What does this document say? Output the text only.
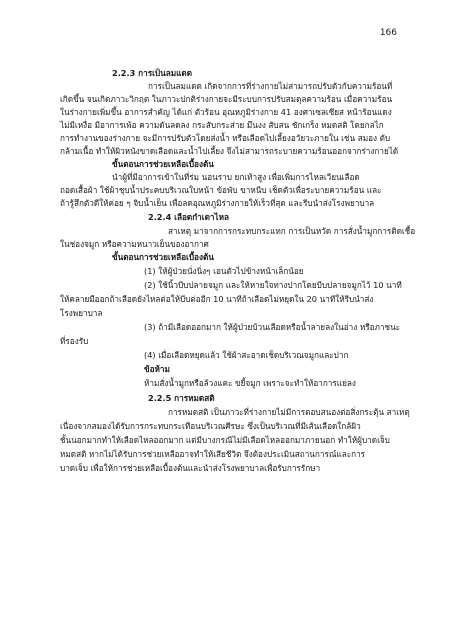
166
2.2.3 การเป็นลมแดด
การเป็นลมแดด เกิดจากการที่ร่างกายไม่สามารถปรับตัวกับความร้อนที่
เกิดขึ้น จนเกิดภาวะวิกฤต ในภาวะปกติร่างกายจะมีระบบการปรับสมดุลความร้อน เมื่อความร้อน
ในร่างกายเพิ่มขึ้น อาการสำคัญ ได้แก่ ตัวร้อน อุณหภูมิร่างกาย 41 องศาเซลเซียส หน้าร้อนแดง
ไม่มีเหงื่อ มีอาการเพ้อ ความดันลดลง กระสับกระส่าย มึนงง สับสน ชักเกร็ง หมดสติ โดยกลไก
การทำงานของร่างกาย จะมีการปรับตัวโดยส่งน้ำ หรือเลือดไปเลี้ยงอวัยวะภายใน เช่น สมอง ตับ
กล้ามเนื้อ ทำให้ผิวหนังขาดเลือดและน้ำไปเลี้ยง จึงไม่สามารถระบายความร้อนออกจากร่างกายได้
ขั้นตอนการช่วยเหลือเบื้องต้น
นำผู้ที่มีอาการเข้าในที่ร่ม นอนราบ ยกเท้าสูง เพื่อเพิ่มการไหลเวียนเลือด
ถอดเสื้อผ้า ใช้ผ้าชุบน้ำประคบบริเวณใบหน้า ข้อพับ ขาหนีบ เช็ดตัวเพื่อระบายความร้อน และ
ถ้ารู้สึกตัวดีให้ค่อย ๆ จิบน้ำเย็น เพื่อลดอุณหภูมิร่างกายให้เร็วที่สุด และรีบนำส่งโรงพยาบาล
2.2.4 เลือดกำเดาไหล
สาเหตุ มาจากการกระทบกระแทก การเป็นหวัด การสั่งน้ำมูกการติดเชื้อ
ในช่องจมูก หรือความหนาวเย็นของอากาศ
ขั้นตอนการช่วยเหลือเบื้องต้น
(1) ให้ผู้ป่วยนั่งนิ่งๆ เอนตัวไปข้างหน้าเล็กน้อย
(2) ใช้นิ้วบีบปลายจมูก และให้หายใจทางปากโดยบีบปลายจมูกไว้ 10 นาที
ให้คลายมืออกถ้าเลือดยังไหลต่อให้บีบต่ออีก 10 นาทีถ้าเลือดไม่หยุดใน 20 นาทีให้รีบนำส่ง
โรงพยาบาล
(3) ถ้ามีเลือดออกมาก ให้ผู้ป่วยบ้วนเลือดหรือน้ำลายลงในอ่าง หรือภาชนะ
ที่รองรับ
(4) เมื่อเลือดหยุดแล้ว ใช้ผ้าสะอาดเช็ดบริเวณจมูกและปาก
ข้อห้าม
ห้ามสั่งน้ำมูกหรือล้วงแคะ ขยี้จมูก เพราะจะทำให้อาการแย่ลง
2.2.5 การหมดสติ
การหมดสติ เป็นภาวะที่ร่างกายไม่มีการตอบสนองต่อสิ่งกระตุ้น สาเหตุ
เนื่องจากสมองได้รับการกระทบกระเทือนบริเวณศีรษะ ซึ่งเป็นบริเวณที่มีเส้นเลือดใกล้ผิว
ชั้นนอกมากทำให้เลือดไหลออกมาก แต่มีบางกรณีไม่มีเลือดไหลออกมาภายนอก ทำให้ผู้บาดเจ็บ
หมดสติ หากไม่ได้รับการช่วยเหลืออาจทำให้เสียชีวิต จึงต้องประเมินสถานการณ์และการ
บาดเจ็บ เพื่อให้การช่วยเหลือเบื้องต้นและนำส่งโรงพยาบาลเพื่อรับการรักษา
